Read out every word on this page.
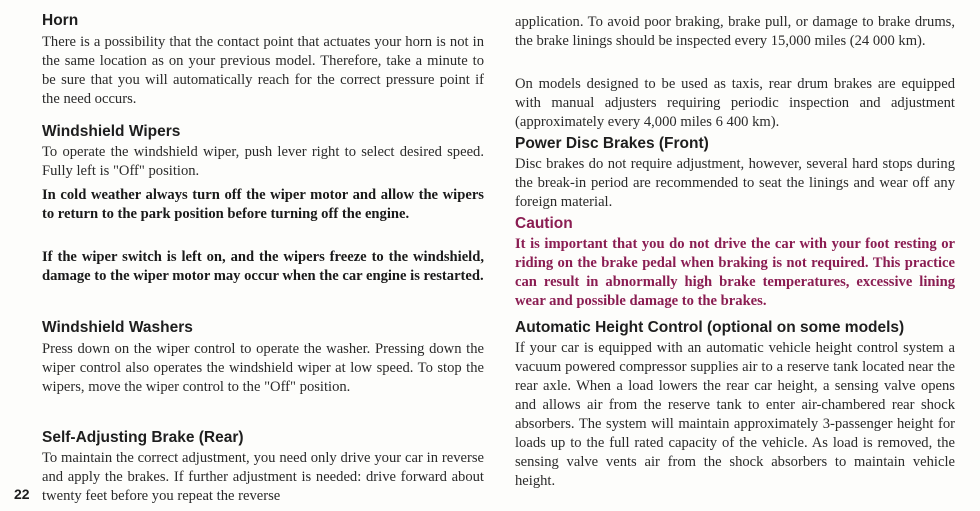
Horn

There is a possibility that the contact point that actuates your horn is not in the same location as on your previous model. Therefore, take a minute to be sure that you will automatically reach for the correct pressure point if the need occurs.

Windshield Wipers

To operate the windshield wiper, push lever right to select desired speed. Fully left is "Off" position.

In cold weather always turn off the wiper motor and allow the wipers to return to the park position before turning off the engine.

If the wiper switch is left on, and the wipers freeze to the windshield, damage to the wiper motor may occur when the car engine is restarted.

Windshield Washers

Press down on the wiper control to operate the washer. Pressing down the wiper control also operates the windshield wiper at low speed. To stop the wipers, move the wiper control to the "Off" position.

Self-Adjusting Brake (Rear)

To maintain the correct adjustment, you need only drive your car in reverse and apply the brakes. If further adjustment is needed: drive forward about twenty feet before you repeat the reverse

22

application. To avoid poor braking, brake pull, or damage to brake drums, the brake linings should be inspected every 15,000 miles (24 000 km).

On models designed to be used as taxis, rear drum brakes are equipped with manual adjusters requiring periodic inspection and adjustment (approximately every 4,000 miles 6 400 km).

Power Disc Brakes (Front)

Disc brakes do not require adjustment, however, several hard stops during the break-in period are recommended to seat the linings and wear off any foreign material.

Caution

It is important that you do not drive the car with your foot resting or riding on the brake pedal when braking is not required. This practice can result in abnormally high brake temperatures, excessive lining wear and possible damage to the brakes.

Automatic Height Control (optional on some models)

If your car is equipped with an automatic vehicle height control system a vacuum powered compressor supplies air to a reserve tank located near the rear axle. When a load lowers the rear car height, a sensing valve opens and allows air from the reserve tank to enter air-chambered rear shock absorbers. The system will maintain approximately 3-passenger height for loads up to the full rated capacity of the vehicle. As load is removed, the sensing valve vents air from the shock absorbers to maintain vehicle height.
